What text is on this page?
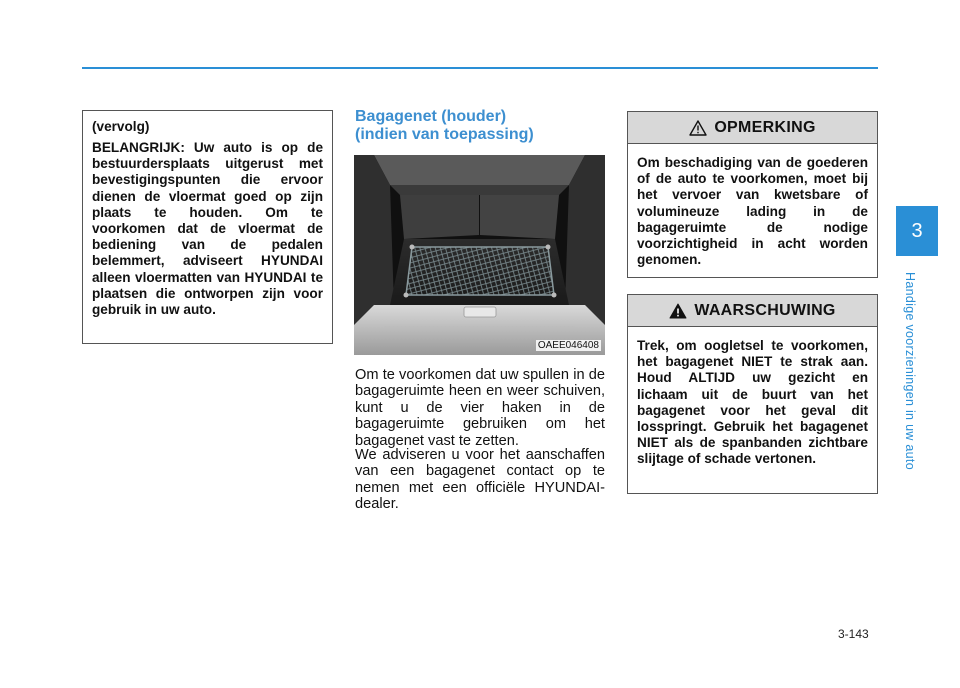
(vervolg)
BELANGRIJK: Uw auto is op de bestuurdersplaats uitgerust met bevestigingspunten die ervoor dienen de vloermat goed op zijn plaats te houden. Om te voorkomen dat de vloermat de bediening van de pedalen belemmert, adviseert HYUNDAI alleen vloermatten van HYUNDAI te plaatsen die ontworpen zijn voor gebruik in uw auto.
Bagagenet (houder)
(indien van toepassing)
OAEE046408
Om te voorkomen dat uw spullen in de bagageruimte heen en weer schuiven, kunt u de vier haken in de bagageruimte gebruiken om het bagagenet vast te zetten.
We adviseren u voor het aanschaffen van een bagagenet contact op te nemen met een officiële HYUNDAI-dealer.
OPMERKING
Om beschadiging van de goederen of de auto te voorkomen, moet bij het vervoer van kwetsbare of volumineuze lading in de bagageruimte de nodige voorzichtigheid in acht worden genomen.
WAARSCHUWING
Trek, om oogletsel te voorkomen, het bagagenet NIET te strak aan. Houd ALTIJD uw gezicht en lichaam uit de buurt van het bagagenet voor het geval dit losspringt. Gebruik het bagagenet NIET als de spanbanden zichtbare slijtage of schade vertonen.
3
Handige voorzieningen in uw auto
3-143
